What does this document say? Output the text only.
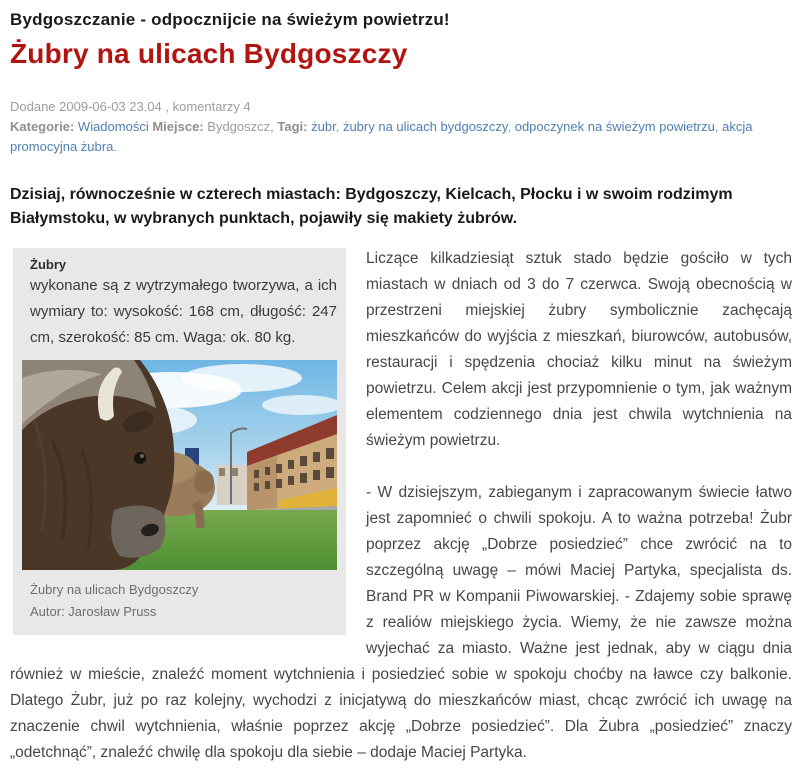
Bydgoszczanie - odpocznijcie na świeżym powietrzu!
Żubry na ulicach Bydgoszczy
Dodane 2009-06-03 23.04 , komentarzy 4
Kategorie: Wiadomości Miejsce: Bydgoszcz, Tagi: żubr, żubry na ulicach bydgoszczy, odpoczynek na świeżym powietrzu, akcja promocyjna żubra.

Dzisiaj, równocześnie w czterech miastach: Bydgoszczy, Kielcach, Płocku i w swoim rodzimym Białymstoku, w wybranych punktach, pojawiły się makiety żubrów.

Żubry

wykonane są z wytrzymałego tworzywa, a ich wymiary to: wysokość: 168 cm, długość: 247 cm, szerokość: 85 cm. Waga: ok. 80 kg.

Żubry na ulicach Bydgoszczy
Autor: Jarosław Pruss

Liczące kilkadziesiąt sztuk stado będzie gościło w tych miastach w dniach od 3 do 7 czerwca. Swoją obecnością w przestrzeni miejskiej żubry symbolicznie zachęcają mieszkańców do wyjścia z mieszkań, biurowców, autobusów, restauracji i spędzenia chociaż kilku minut na świeżym powietrzu. Celem akcji jest przypomnienie o tym, jak ważnym elementem codziennego dnia jest chwila wytchnienia na świeżym powietrzu.

- W dzisiejszym, zabieganym i zapracowanym świecie łatwo jest zapomnieć o chwili spokoju. A to ważna potrzeba! Żubr poprzez akcję „Dobrze posiedzieć” chce zwrócić na to szczególną uwagę – mówi Maciej Partyka, specjalista ds. Brand PR w Kompanii Piwowarskiej. - Zdajemy sobie sprawę z realiów miejskiego życia. Wiemy, że nie zawsze można wyjechać za miasto. Ważne jest jednak, aby w ciągu dnia również w mieście, znaleźć moment wytchnienia i posiedzieć sobie w spokoju choćby na ławce czy balkonie. Dlatego Żubr, już po raz kolejny, wychodzi z inicjatywą do mieszkańców miast, chcąc zwrócić ich uwagę na znaczenie chwil wytchnienia, właśnie poprzez akcję „Dobrze posiedzieć”. Dla Żubra „posiedzieć” znaczy „odetchnąć”, znaleźć chwilę dla spokoju dla siebie – dodaje Maciej Partyka.
